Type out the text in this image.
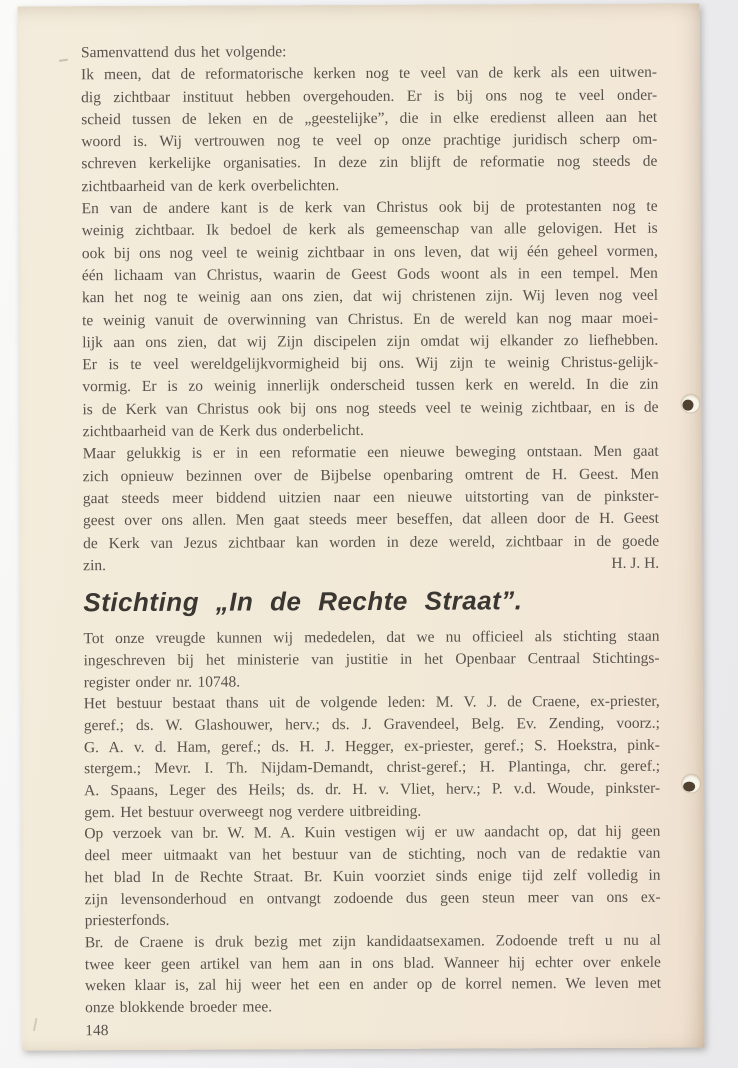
Samenvattend dus het volgende:
Ik meen, dat de reformatorische kerken nog te veel van de kerk als een uitwen-
dig zichtbaar instituut hebben overgehouden. Er is bij ons nog te veel onder-
scheid tussen de leken en de „geestelijke”, die in elke eredienst alleen aan het
woord is. Wij vertrouwen nog te veel op onze prachtige juridisch scherp om-
schreven kerkelijke organisaties. In deze zin blijft de reformatie nog steeds de
zichtbaarheid van de kerk overbelichten.
En van de andere kant is de kerk van Christus ook bij de protestanten nog te
weinig zichtbaar. Ik bedoel de kerk als gemeenschap van alle gelovigen. Het is
ook bij ons nog veel te weinig zichtbaar in ons leven, dat wij één geheel vormen,
één lichaam van Christus, waarin de Geest Gods woont als in een tempel. Men
kan het nog te weinig aan ons zien, dat wij christenen zijn. Wij leven nog veel
te weinig vanuit de overwinning van Christus. En de wereld kan nog maar moei-
lijk aan ons zien, dat wij Zijn discipelen zijn omdat wij elkander zo liefhebben.
Er is te veel wereldgelijkvormigheid bij ons. Wij zijn te weinig Christus-gelijk-
vormig. Er is zo weinig innerlijk onderscheid tussen kerk en wereld. In die zin
is de Kerk van Christus ook bij ons nog steeds veel te weinig zichtbaar, en is de
zichtbaarheid van de Kerk dus onderbelicht.
Maar gelukkig is er in een reformatie een nieuwe beweging ontstaan. Men gaat
zich opnieuw bezinnen over de Bijbelse openbaring omtrent de H. Geest. Men
gaat steeds meer biddend uitzien naar een nieuwe uitstorting van de pinkster-
geest over ons allen. Men gaat steeds meer beseffen, dat alleen door de H. Geest
de Kerk van Jezus zichtbaar kan worden in deze wereld, zichtbaar in de goede
zin.	H. J. H.
Stichting „In de Rechte Straat”.
Tot onze vreugde kunnen wij mededelen, dat we nu officieel als stichting staan
ingeschreven bij het ministerie van justitie in het Openbaar Centraal Stichtings-
register onder nr. 10748.
Het bestuur bestaat thans uit de volgende leden: M. V. J. de Craene, ex-priester,
geref.; ds. W. Glashouwer, herv.; ds. J. Gravendeel, Belg. Ev. Zending, voorz.;
G. A. v. d. Ham, geref.; ds. H. J. Hegger, ex-priester, geref.; S. Hoekstra, pink-
stergem.; Mevr. I. Th. Nijdam-Demandt, christ-geref.; H. Plantinga, chr. geref.;
A. Spaans, Leger des Heils; ds. dr. H. v. Vliet, herv.; P. v.d. Woude, pinkster-
gem. Het bestuur overweegt nog verdere uitbreiding.
Op verzoek van br. W. M. A. Kuin vestigen wij er uw aandacht op, dat hij geen
deel meer uitmaakt van het bestuur van de stichting, noch van de redaktie van
het blad In de Rechte Straat. Br. Kuin voorziet sinds enige tijd zelf volledig in
zijn levensonderhoud en ontvangt zodoende dus geen steun meer van ons ex-
priesterfonds.
Br. de Craene is druk bezig met zijn kandidaatsexamen. Zodoende treft u nu al
twee keer geen artikel van hem aan in ons blad. Wanneer hij echter over enkele
weken klaar is, zal hij weer het een en ander op de korrel nemen. We leven met
onze blokkende broeder mee.
148
